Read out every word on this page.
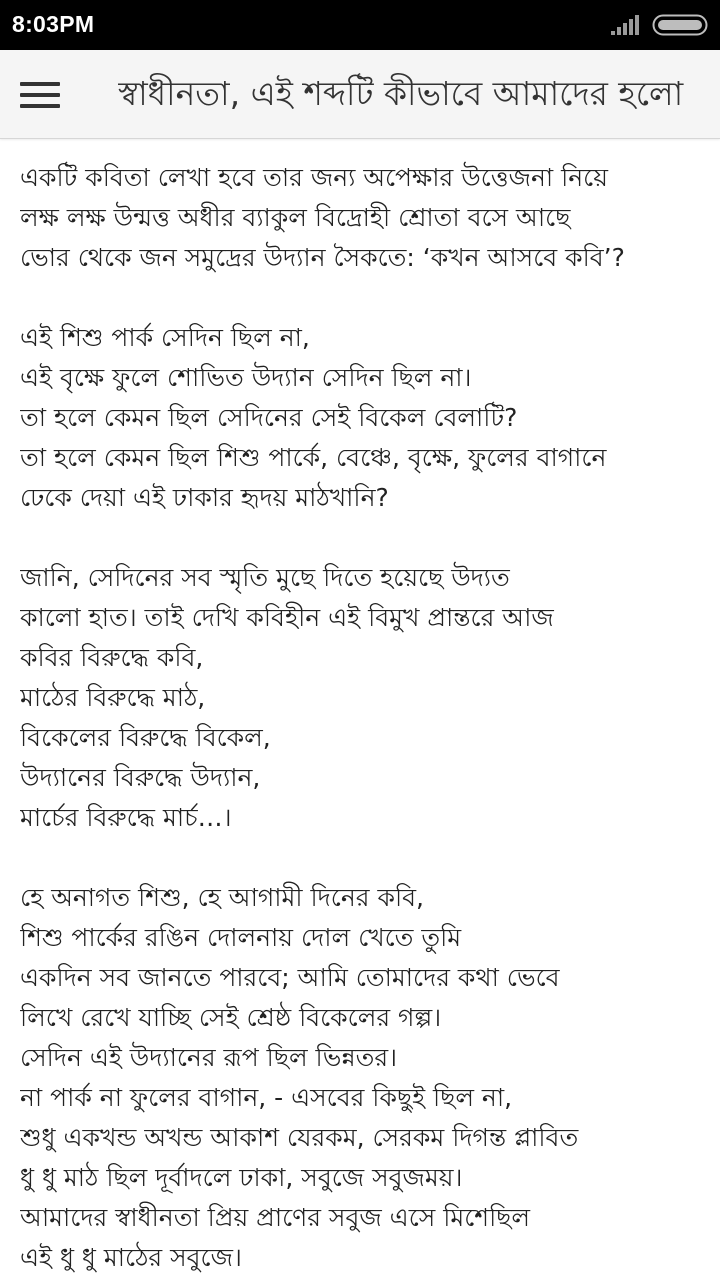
8:03PM
স্বাধীনতা, এই শব্দটি কীভাবে আমাদের হলো
একটি কবিতা লেখা হবে তার জন্য অপেক্ষার উত্তেজনা নিয়ে
লক্ষ লক্ষ উন্মত্ত অধীর ব্যাকুল বিদ্রোহী শ্রোতা বসে আছে
ভোর থেকে জন সমুদ্রের উদ্যান সৈকতে: ‘কখন আসবে কবি’?
এই শিশু পার্ক সেদিন ছিল না,
এই বৃক্ষে ফুলে শোভিত উদ্যান সেদিন ছিল না।
তা হলে কেমন ছিল সেদিনের সেই বিকেল বেলাটি?
তা হলে কেমন ছিল শিশু পার্কে, বেঞ্চে, বৃক্ষে, ফুলের বাগানে
ঢেকে দেয়া এই ঢাকার হৃদয় মাঠখানি?
জানি, সেদিনের সব স্মৃতি মুছে দিতে হয়েছে উদ্যত
কালো হাত। তাই দেখি কবিহীন এই বিমুখ প্রান্তরে আজ
কবির বিরুদ্ধে কবি,
মাঠের বিরুদ্ধে মাঠ,
বিকেলের বিরুদ্ধে বিকেল,
উদ্যানের বিরুদ্ধে উদ্যান,
মার্চের বিরুদ্ধে মার্চ…।
হে অনাগত শিশু, হে আগামী দিনের কবি,
শিশু পার্কের রঙিন দোলনায় দোল খেতে তুমি
একদিন সব জানতে পারবে; আমি তোমাদের কথা ভেবে
লিখে রেখে যাচ্ছি সেই শ্রেষ্ঠ বিকেলের গল্প।
সেদিন এই উদ্যানের রূপ ছিল ভিন্নতর।
না পার্ক না ফুলের বাগান, - এসবের কিছুই ছিল না,
শুধু একখন্ড অখন্ড আকাশ যেরকম, সেরকম দিগন্ত প্লাবিত
ধু ধু মাঠ ছিল দূর্বাদলে ঢাকা, সবুজে সবুজময়।
আমাদের স্বাধীনতা প্রিয় প্রাণের সবুজ এসে মিশেছিল
এই ধু ধু মাঠের সবুজে।
